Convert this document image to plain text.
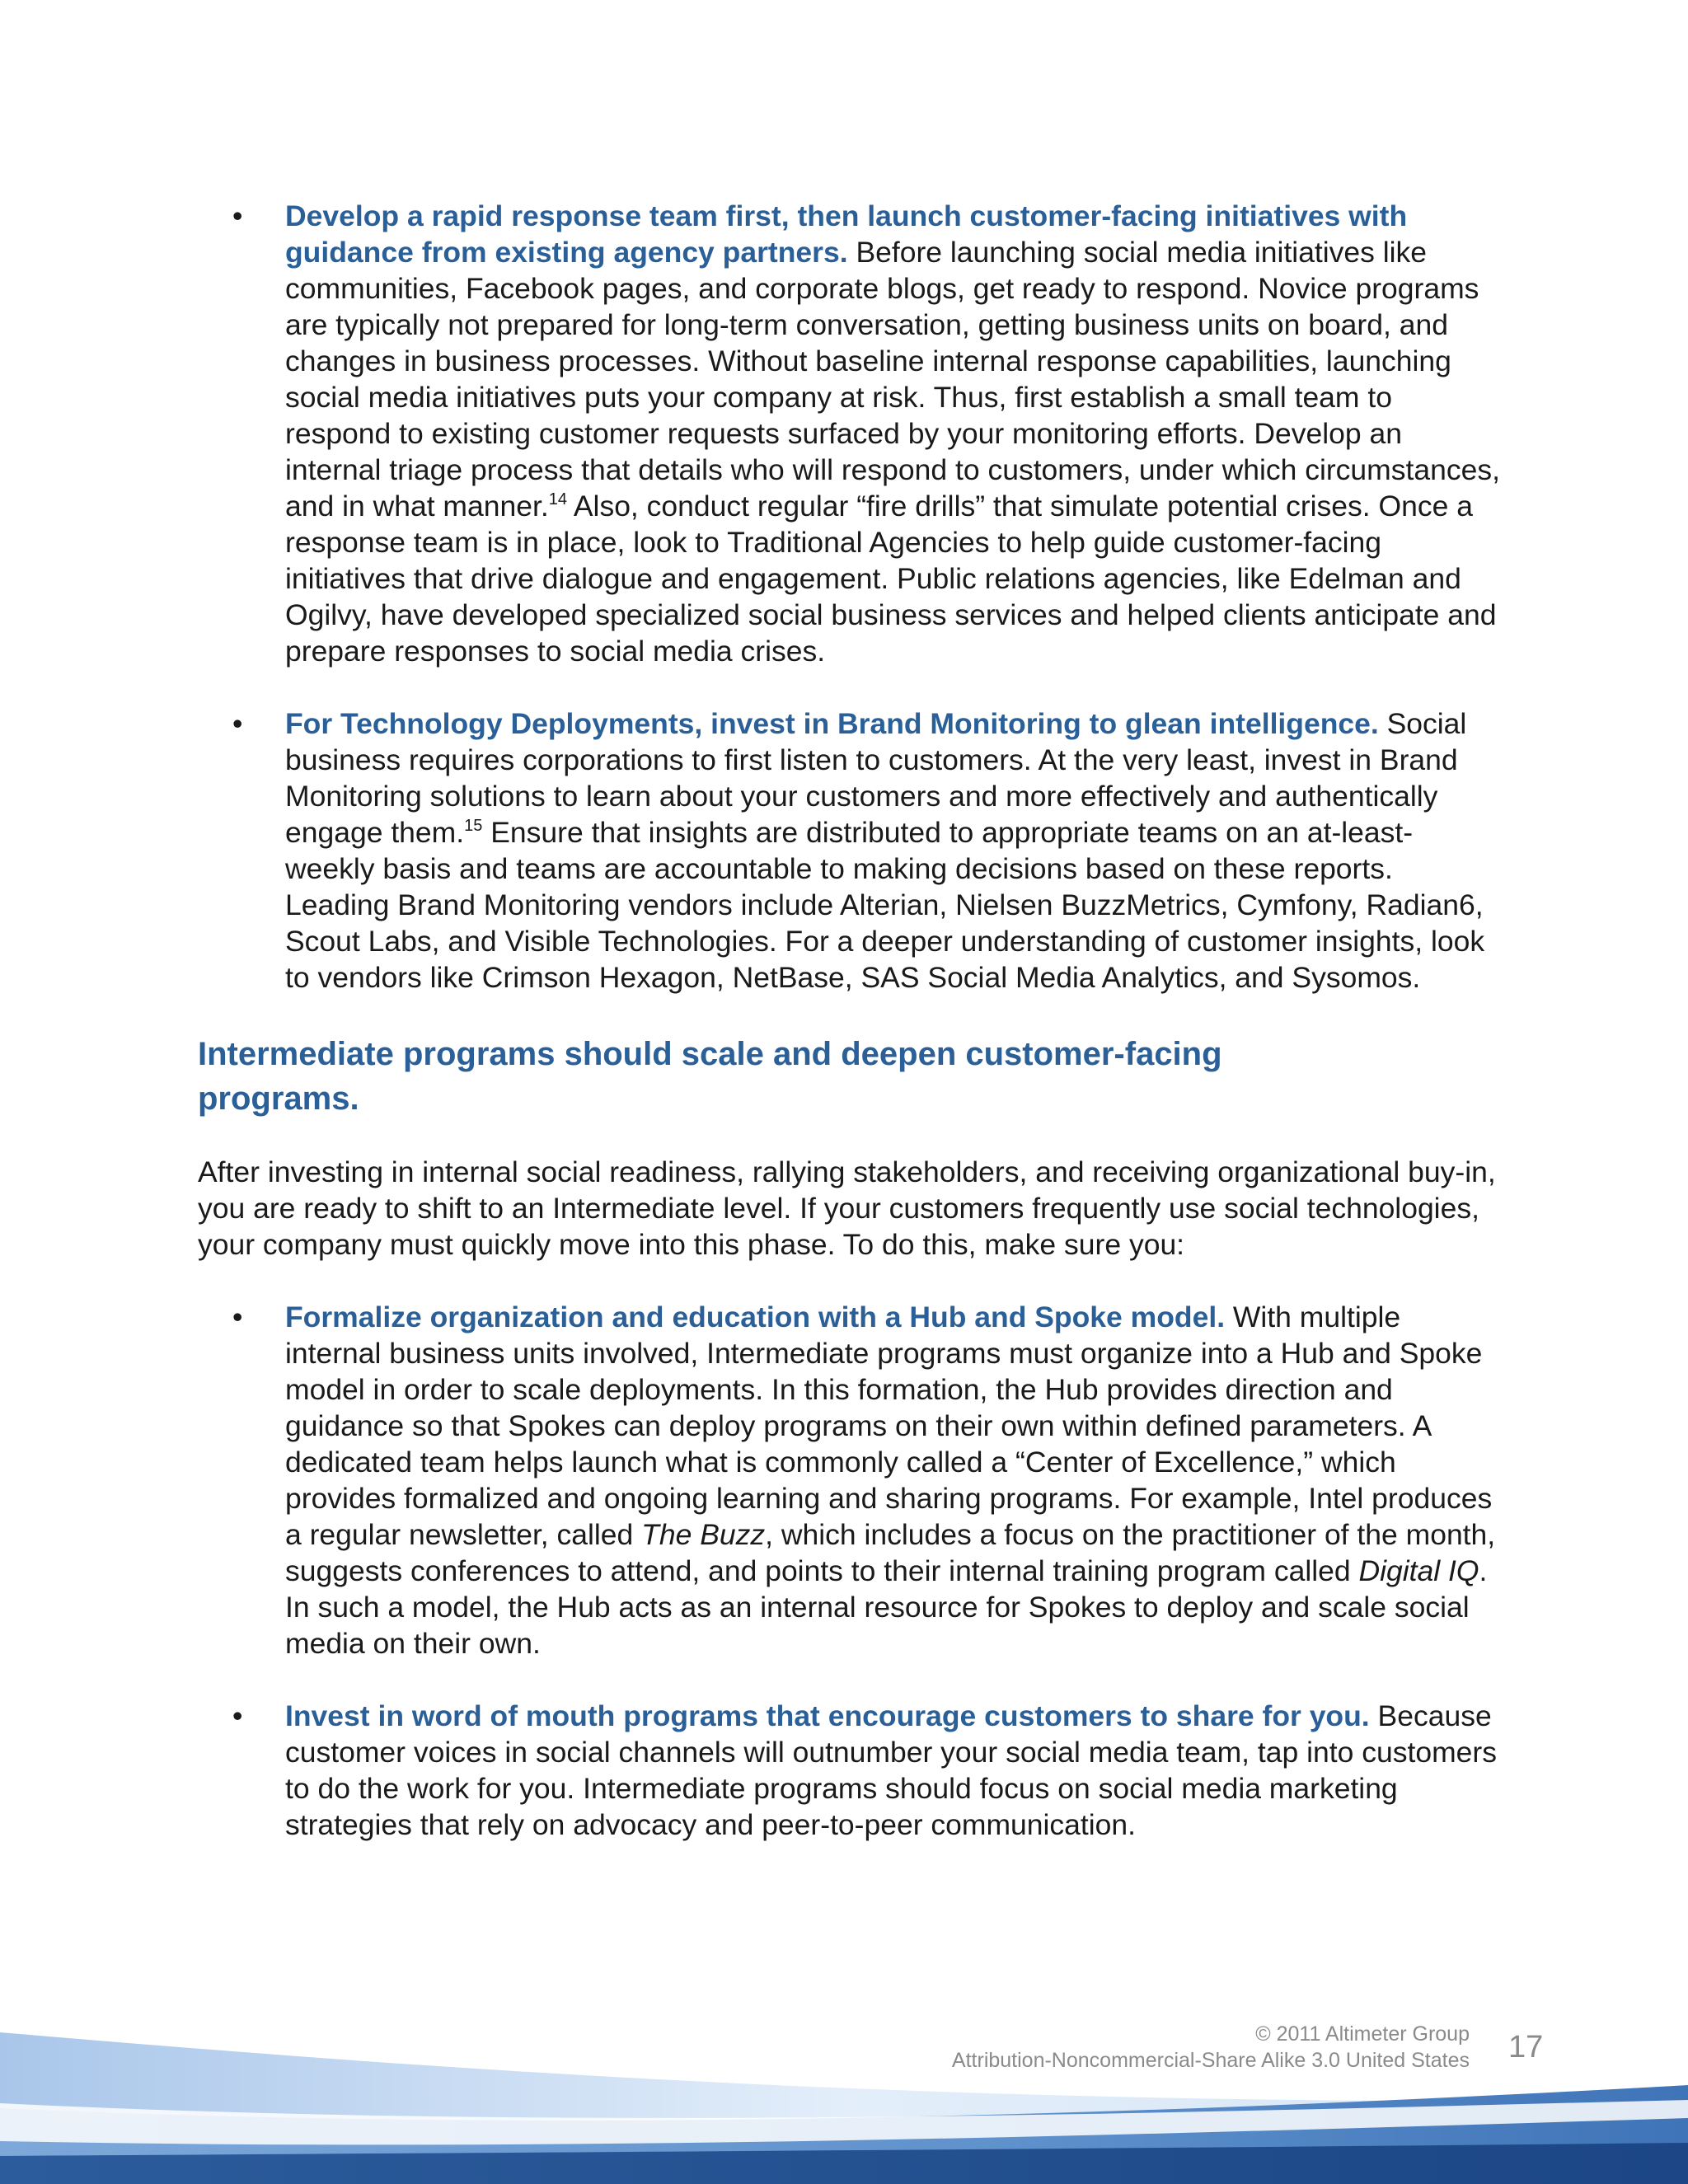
• Develop a rapid response team first, then launch customer-facing initiatives with guidance from existing agency partners. Before launching social media initiatives like communities, Facebook pages, and corporate blogs, get ready to respond. Novice programs are typically not prepared for long-term conversation, getting business units on board, and changes in business processes. Without baseline internal response capabilities, launching social media initiatives puts your company at risk. Thus, first establish a small team to respond to existing customer requests surfaced by your monitoring efforts. Develop an internal triage process that details who will respond to customers, under which circumstances, and in what manner.$^{14}$ Also, conduct regular “fire drills” that simulate potential crises. Once a response team is in place, look to Traditional Agencies to help guide customer-facing initiatives that drive dialogue and engagement. Public relations agencies, like Edelman and Ogilvy, have developed specialized social business services and helped clients anticipate and prepare responses to social media crises.
• For Technology Deployments, invest in Brand Monitoring to glean intelligence. Social business requires corporations to first listen to customers. At the very least, invest in Brand Monitoring solutions to learn about your customers and more effectively and authentically engage them.$^{15}$ Ensure that insights are distributed to appropriate teams on an at-least-weekly basis and teams are accountable to making decisions based on these reports. Leading Brand Monitoring vendors include Alterian, Nielsen BuzzMetrics, Cymfony, Radian6, Scout Labs, and Visible Technologies. For a deeper understanding of customer insights, look to vendors like Crimson Hexagon, NetBase, SAS Social Media Analytics, and Sysomos.
Intermediate programs should scale and deepen customer-facing programs.

After investing in internal social readiness, rallying stakeholders, and receiving organizational buy-in, you are ready to shift to an Intermediate level. If your customers frequently use social technologies, your company must quickly move into this phase. To do this, make sure you:

• Formalize organization and education with a Hub and Spoke model. With multiple internal business units involved, Intermediate programs must organize into a Hub and Spoke model in order to scale deployments. In this formation, the Hub provides direction and guidance so that Spokes can deploy programs on their own within defined parameters. A dedicated team helps launch what is commonly called a “Center of Excellence,” which provides formalized and ongoing learning and sharing programs. For example, Intel produces a regular newsletter, called The Buzz, which includes a focus on the practitioner of the month, suggests conferences to attend, and points to their internal training program called Digital IQ. In such a model, the Hub acts as an internal resource for Spokes to deploy and scale social media on their own.
• Invest in word of mouth programs that encourage customers to share for you. Because customer voices in social channels will outnumber your social media team, tap into customers to do the work for you. Intermediate programs should focus on social media marketing strategies that rely on advocacy and peer-to-peer communication.
© 2011 Altimeter Group
Attribution-Noncommercial-Share Alike 3.0 United States 17
